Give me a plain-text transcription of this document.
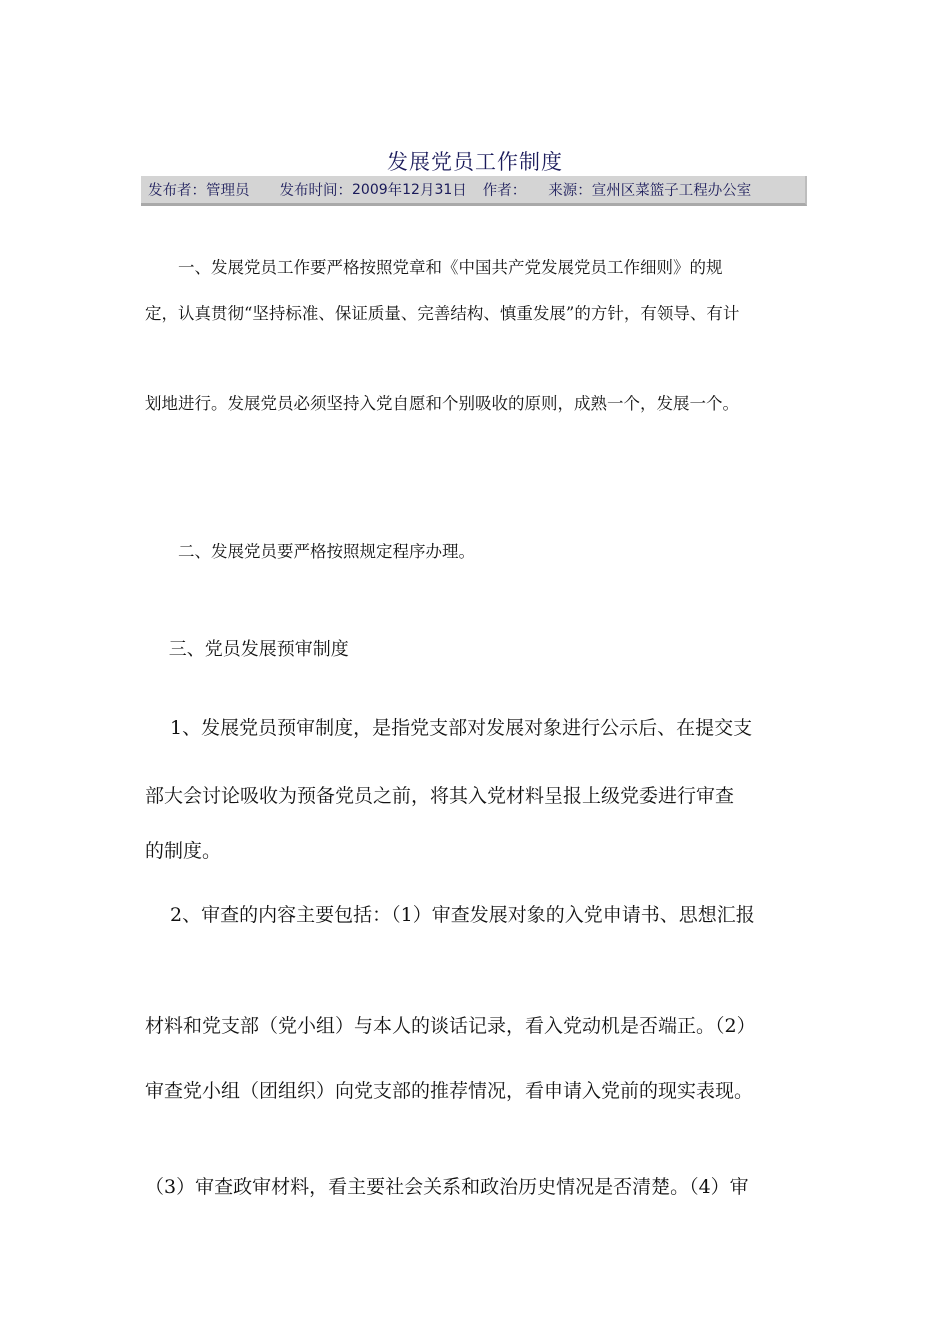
发展党员工作制度
发布者：管理员 发布时间： 2009 年 12 月 31 日 作者： 来源：宣州区菜篮子工程办公室
　　一、发展党员工作要严格按照党章和《中国共产党发展党员工作细则》的规
定，认真贯彻“坚持标准、保证质量、完善结构、慎重发展”的方针，有领导、有计
划地进行。发展党员必须坚持入党自愿和个别吸收的原则，成熟一个，发展一个。
　　二、发展党员要严格按照规定程序办理。
　 三、党员发展预审制度
　 1、发展党员预审制度，是指党支部对发展对象进行公示后、在提交支
部大会讨论吸收为预备党员之前，将其入党材料呈报上级党委进行审查
的制度。
　 2、审查的内容主要包括：（1）审查发展对象的入党申请书、思想汇报
材料和党支部（党小组）与本人的谈话记录，看入党动机是否端正。（2）
审查党小组（团组织）向党支部的推荐情况，看申请入党前的现实表现。
（3）审查政审材料，看主要社会关系和政治历史情况是否清楚。（4）审
